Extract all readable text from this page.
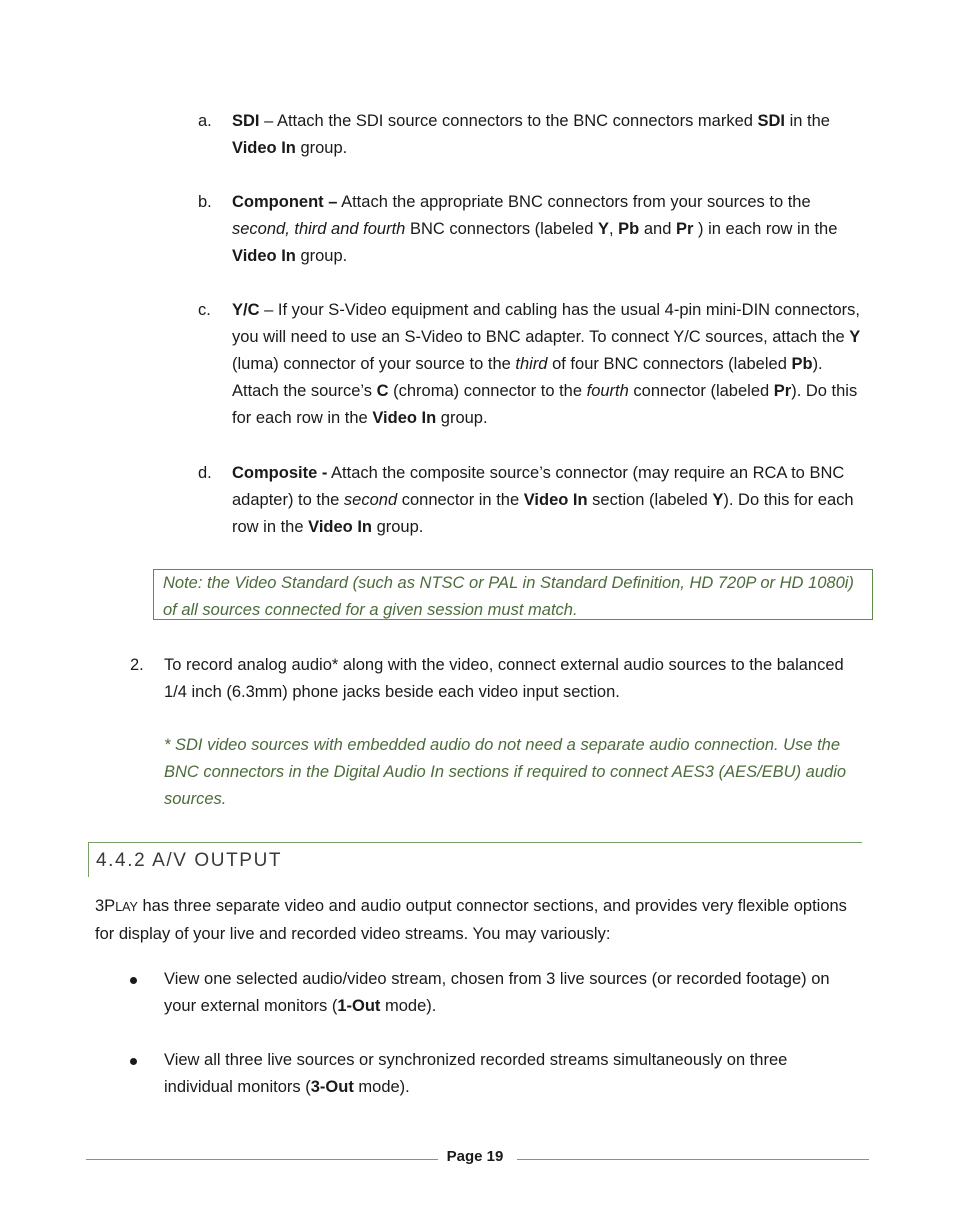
a.	SDI – Attach the SDI source connectors to the BNC connectors marked SDI in the Video In group.
b.	Component – Attach the appropriate BNC connectors from your sources to the second, third and fourth BNC connectors (labeled Y, Pb and Pr ) in each row in the Video In group.
c.	Y/C – If your S-Video equipment and cabling has the usual 4-pin mini-DIN connectors, you will need to use an S-Video to BNC adapter. To connect Y/C sources, attach the Y (luma) connector of your source to the third of four BNC connectors (labeled Pb). Attach the source’s C (chroma) connector to the fourth connector (labeled Pr). Do this for each row in the Video In group.
d.	Composite - Attach the composite source’s connector (may require an RCA to BNC adapter) to the second connector in the Video In section (labeled Y). Do this for each row in the Video In group.
Note: the Video Standard (such as NTSC or PAL in Standard Definition, HD 720P or HD 1080i) of all sources connected for a given session must match.
2.	To record analog audio* along with the video, connect external audio sources to the balanced 1/4 inch (6.3mm) phone jacks beside each video input section.
* SDI video sources with embedded audio do not need a separate audio connection. Use the BNC connectors in the Digital Audio In sections if required to connect AES3 (AES/EBU) audio sources.
4.4.2 A/V OUTPUT
3PLAY has three separate video and audio output connector sections, and provides very flexible options for display of your live and recorded video streams. You may variously:
View one selected audio/video stream, chosen from 3 live sources (or recorded footage) on your external monitors (1-Out mode).
View all three live sources or synchronized recorded streams simultaneously on three individual monitors (3-Out mode).
Page 19
